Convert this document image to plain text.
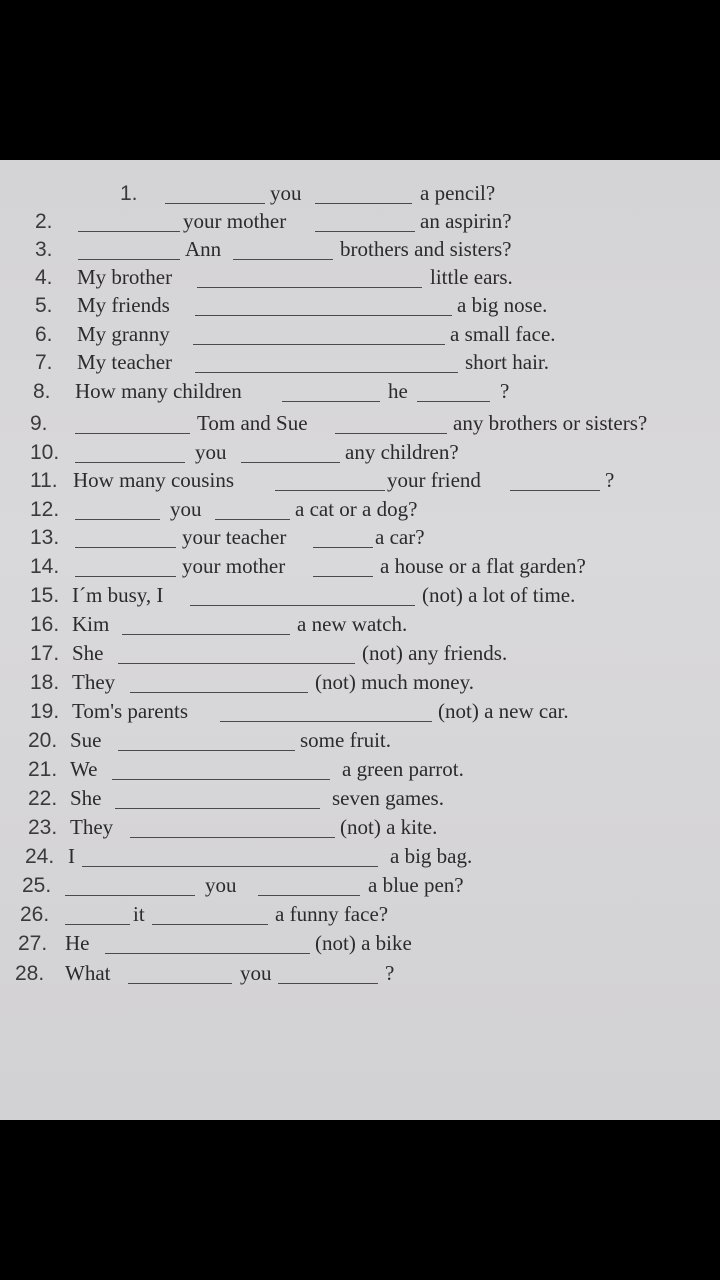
1.	you	a pencil?
2.	your mother	an aspirin?
3.	Ann	brothers and sisters?
4. My brother	little ears.
5. My friends	a big nose.
6. My granny	a small face.
7. My teacher	short hair.
8. How many children	he	?
9.	Tom and Sue	any brothers or sisters?
10.	you	any children?
11. How many cousins	your friend	?
12.	you	a cat or a dog?
13.	your teacher	a car?
14.	your mother	a house or a flat garden?
15. I´m busy, I	(not) a lot of time.
16. Kim	a new watch.
17. She	(not) any friends.
18. They	(not) much money.
19. Tom's parents	(not) a new car.
20. Sue	some fruit.
21. We	a green parrot.
22. She	seven games.
23. They	(not) a kite.
24. I	a big bag.
25.	you	a blue pen?
26.	it	a funny face?
27. He	(not) a bike
28. What	you	?
